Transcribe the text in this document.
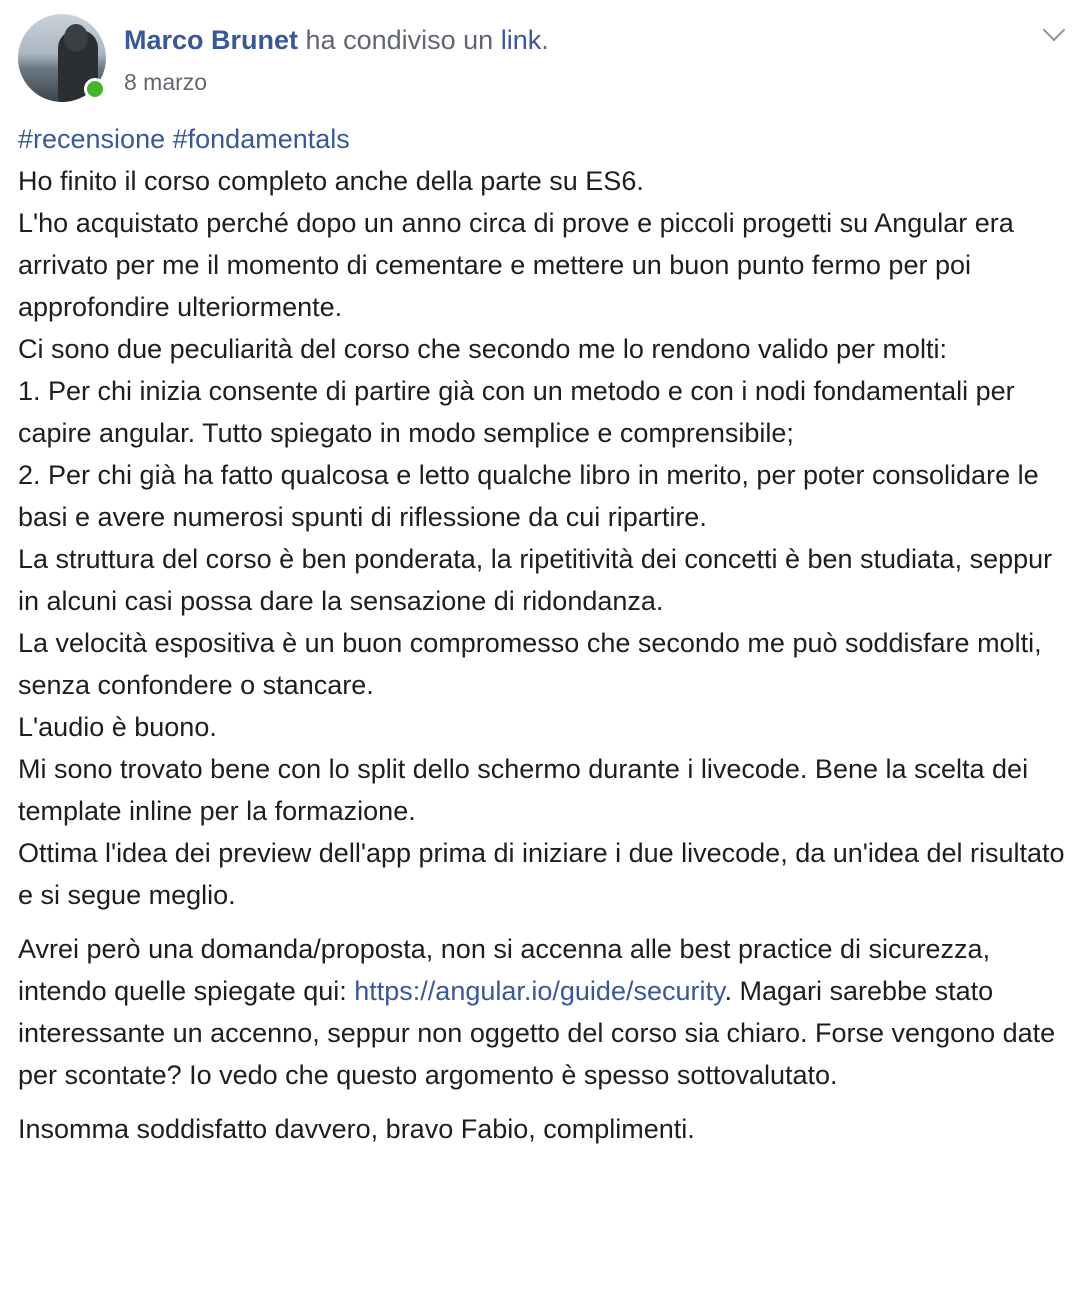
Marco Brunet ha condiviso un link.
8 marzo

#recensione #fondamentals
Ho finito il corso completo anche della parte su ES6.
L'ho acquistato perché dopo un anno circa di prove e piccoli progetti su Angular era arrivato per me il momento di cementare e mettere un buon punto fermo per poi approfondire ulteriormente.
Ci sono due peculiarità del corso che secondo me lo rendono valido per molti:
1. Per chi inizia consente di partire già con un metodo e con i nodi fondamentali per capire angular. Tutto spiegato in modo semplice e comprensibile;
2. Per chi già ha fatto qualcosa e letto qualche libro in merito, per poter consolidare le basi e avere numerosi spunti di riflessione da cui ripartire.
La struttura del corso è ben ponderata, la ripetitività dei concetti è ben studiata, seppur in alcuni casi possa dare la sensazione di ridondanza.
La velocità espositiva è un buon compromesso che secondo me può soddisfare molti, senza confondere o stancare.
L'audio è buono.
Mi sono trovato bene con lo split dello schermo durante i livecode. Bene la scelta dei template inline per la formazione.
Ottima l'idea dei preview dell'app prima di iniziare i due livecode, da un'idea del risultato e si segue meglio.

Avrei però una domanda/proposta, non si accenna alle best practice di sicurezza, intendo quelle spiegate qui: https://angular.io/guide/security. Magari sarebbe stato interessante un accenno, seppur non oggetto del corso sia chiaro. Forse vengono date per scontate? Io vedo che questo argomento è spesso sottovalutato.

Insomma soddisfatto davvero, bravo Fabio, complimenti.
